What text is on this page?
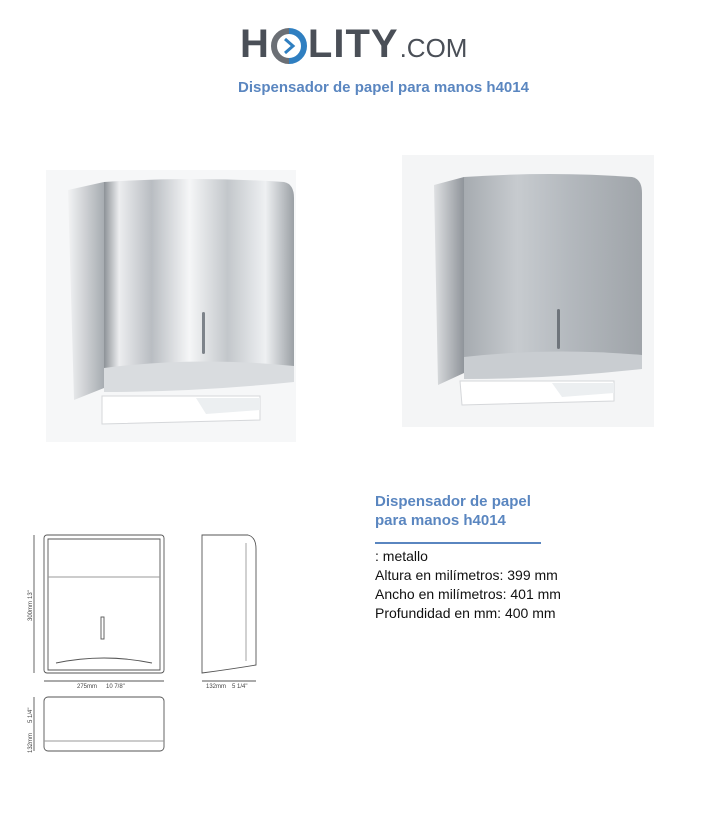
H LITY .COM
Dispensador de papel para manos h4014
300mm
13"
275mm 10 7/8"	132mm 5 1/4"
132mm
5 1/4"
Dispensador de papel
para manos h4014
: metallo
Altura en milímetros: 399 mm
Ancho en milímetros: 401 mm
Profundidad en mm: 400 mm
